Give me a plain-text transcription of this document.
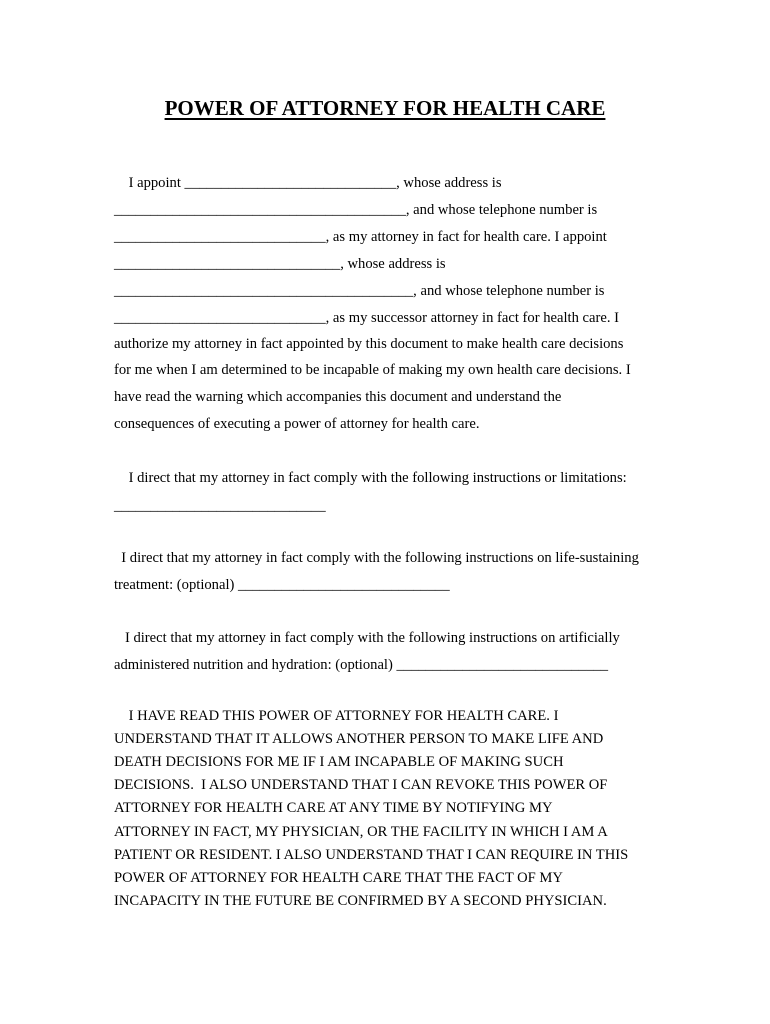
POWER OF ATTORNEY FOR HEALTH CARE

I appoint _____________________________, whose address is

________________________________________, and whose telephone number is

_____________________________, as my attorney in fact for health care. I appoint

_______________________________, whose address is

_________________________________________, and whose telephone number is

_____________________________, as my successor attorney in fact for health care. I

authorize my attorney in fact appointed by this document to make health care decisions

for me when I am determined to be incapable of making my own health care decisions. I

have read the warning which accompanies this document and understand the

consequences of executing a power of attorney for health care.

I direct that my attorney in fact comply with the following instructions or limitations:

_____________________________

I direct that my attorney in fact comply with the following instructions on life-sustaining

treatment: (optional) _____________________________

I direct that my attorney in fact comply with the following instructions on artificially

administered nutrition and hydration: (optional) _____________________________

I HAVE READ THIS POWER OF ATTORNEY FOR HEALTH CARE. I

UNDERSTAND THAT IT ALLOWS ANOTHER PERSON TO MAKE LIFE AND

DEATH DECISIONS FOR ME IF I AM INCAPABLE OF MAKING SUCH

DECISIONS.  I ALSO UNDERSTAND THAT I CAN REVOKE THIS POWER OF

ATTORNEY FOR HEALTH CARE AT ANY TIME BY NOTIFYING MY

ATTORNEY IN FACT, MY PHYSICIAN, OR THE FACILITY IN WHICH I AM A

PATIENT OR RESIDENT. I ALSO UNDERSTAND THAT I CAN REQUIRE IN THIS

POWER OF ATTORNEY FOR HEALTH CARE THAT THE FACT OF MY

INCAPACITY IN THE FUTURE BE CONFIRMED BY A SECOND PHYSICIAN.
